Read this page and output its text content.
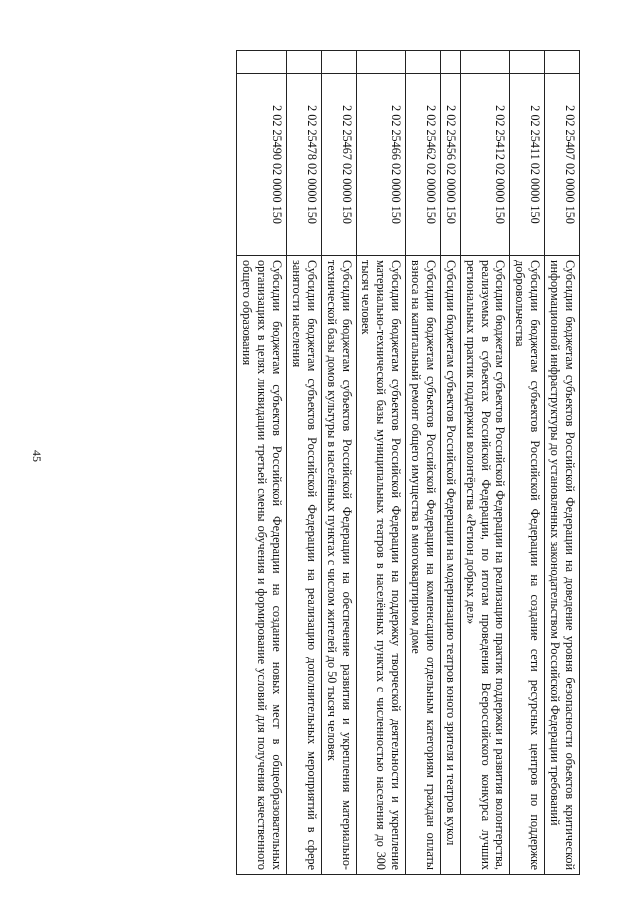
45
	2 02 25407 02 0000 150	Субсидии бюджетам субъектов Российской Федерации на доведение уровня безопасности объектов критической информационной инфраструктуры до установленных законодательством Российской Федерации требований
	2 02 25411 02 0000 150	Субсидии бюджетам субъектов Российской Федерации на создание сети ресурсных центров по поддержке добровольчества
	2 02 25412 02 0000 150	Субсидии бюджетам субъектов Российской Федерации на реализацию практик поддержки и развития волонтерства, реализуемых в субъектах Российской Федерации, по итогам проведения Всероссийского конкурса лучших региональных практик поддержки волонтёрства «Регион добрых дел»
	2 02 25456 02 0000 150	Субсидии бюджетам субъектов Российской Федерации на модернизацию театров юного зрителя и театров кукол
	2 02 25462 02 0000 150	Субсидии бюджетам субъектов Российской Федерации на компенсацию отдельным категориям граждан оплаты взноса на капитальный ремонт общего имущества в многоквартирном доме
	2 02 25466 02 0000 150	Субсидии бюджетам субъектов Российской Федерации на поддержку творческой деятельности и укрепление материально-технической базы муниципальных театров в населённых пунктах с численностью населения до 300 тысяч человек
	2 02 25467 02 0000 150	Субсидии бюджетам субъектов Российской Федерации на обеспечение развития и укрепления материально-технической базы домов культуры в населённых пунктах с числом жителей до 50 тысяч человек
	2 02 25478 02 0000 150	Субсидии бюджетам субъектов Российской Федерации на реализацию дополнительных мероприятий в сфере занятости населения
	2 02 25490 02 0000 150	Субсидии бюджетам субъектов Российской Федерации на создание новых мест в общеобразовательных организациях в целях ликвидации третьей смены обучения и формирование условий для получения качественного общего образования
